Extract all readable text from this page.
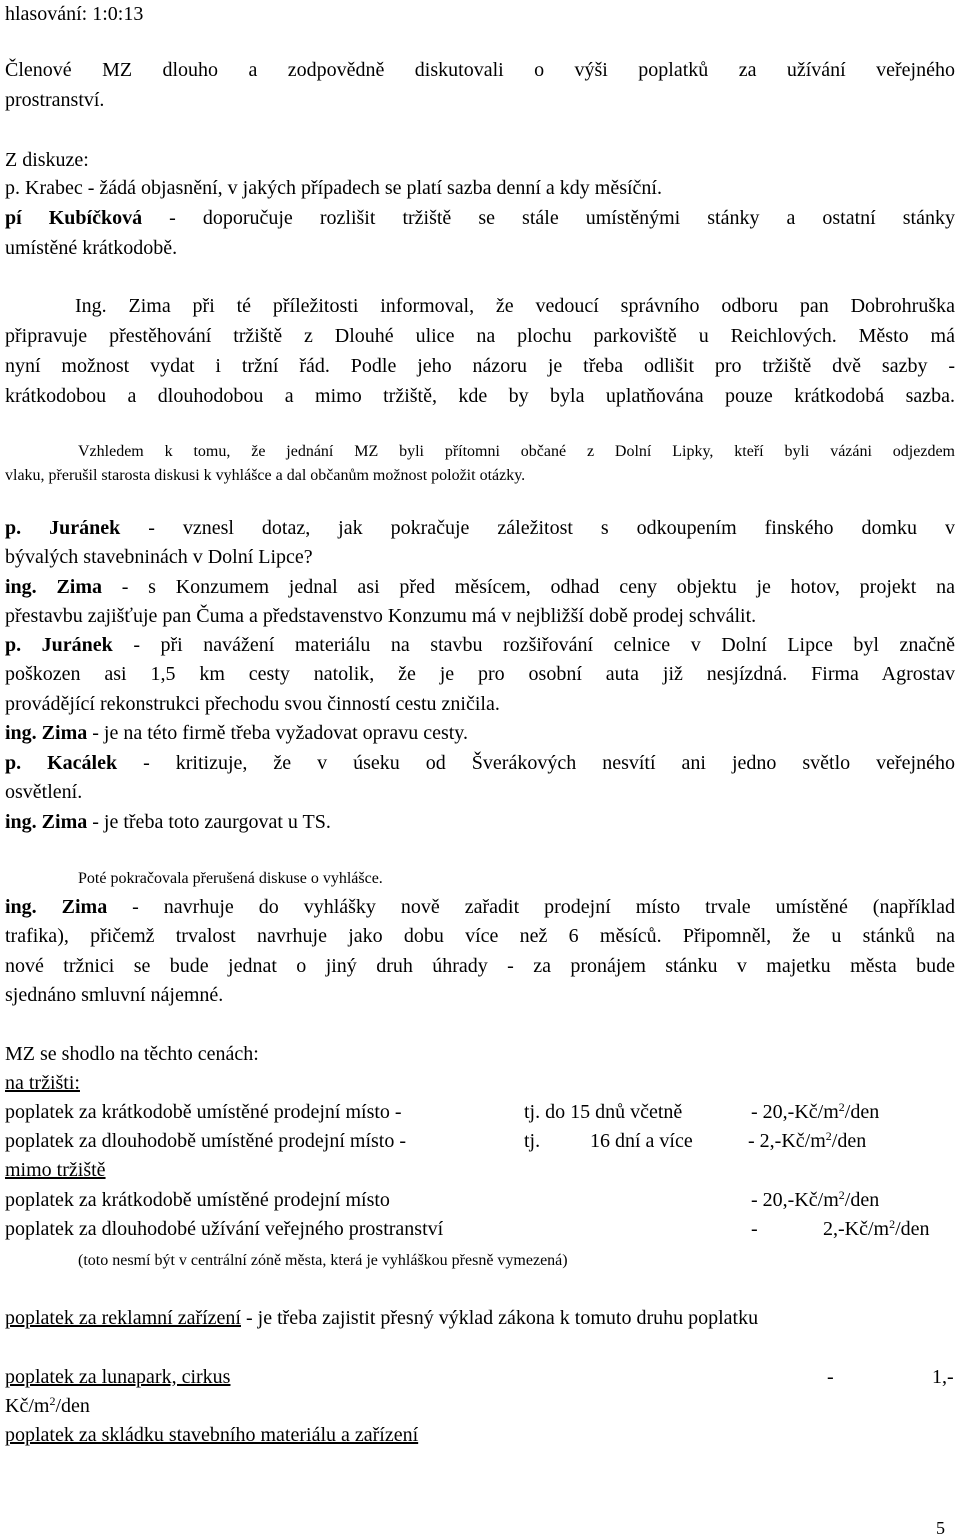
hlasování: 1:0:13
Členové MZ dlouho a zodpovědně diskutovali o výši poplatků za užívání veřejného
prostranství.
Z diskuze:
p. Krabec - žádá objasnění, v jakých případech se platí sazba denní a kdy měsíční.
pí Kubíčková - doporučuje rozlišit tržiště se stále umístěnými stánky a ostatní stánky
umístěné krátkodobě.
Ing. Zima při té příležitosti informoval, že vedoucí správního odboru pan Dobrohruška
připravuje přestěhování tržiště z Dlouhé ulice na plochu parkoviště u Reichlových. Město má
nyní možnost vydat i tržní řád. Podle jeho názoru je třeba odlišit pro tržiště dvě sazby -
krátkodobou a dlouhodobou a mimo tržiště, kde by byla uplatňována pouze krátkodobá sazba.
Vzhledem k tomu, že jednání MZ byli přítomni občané z Dolní Lipky, kteří byli vázáni odjezdem
vlaku, přerušil starosta diskusi k vyhlášce a dal občanům možnost položit otázky.
p. Juránek - vznesl dotaz, jak pokračuje záležitost s odkoupením finského domku v
bývalých stavebninách v Dolní Lipce?
ing. Zima - s Konzumem jednal asi před měsícem, odhad ceny objektu je hotov, projekt na
přestavbu zajišťuje pan Čuma a představenstvo Konzumu má v nejbližší době prodej schválit.
p. Juránek - při navážení materiálu na stavbu rozšiřování celnice v Dolní Lipce byl značně
poškozen asi 1,5 km cesty natolik, že je pro osobní auta již nesjízdná. Firma Agrostav
provádějící rekonstrukci přechodu svou činností cestu zničila.
ing. Zima - je na této firmě třeba vyžadovat opravu cesty.
p. Kacálek - kritizuje, že v úseku od Šverákových nesvítí ani jedno světlo veřejného
osvětlení.
ing. Zima - je třeba toto zaurgovat u TS.
Poté pokračovala přerušená diskuse o vyhlášce.
ing. Zima - navrhuje do vyhlášky nově zařadit prodejní místo trvale umístěné (například
trafika), přičemž trvalost navrhuje jako dobu více než 6 měsíců. Připomněl, že u stánků na
nové tržnici se bude jednat o jiný druh úhrady - za pronájem stánku v majetku města bude
sjednáno smluvní nájemné.
MZ se shodlo na těchto cenách:
na tržišti:
poplatek za krátkodobě umístěné prodejní místo -	tj. do 15 dnů včetně	- $20,-Kč/m^2$/den
poplatek za dlouhodobě umístěné prodejní místo -	tj. 16 dní a více	- $2,-Kč/m^2$/den
mimo tržiště
poplatek za krátkodobě umístěné prodejní místo	- $20,-Kč/m^2$/den
poplatek za dlouhodobé užívání veřejného prostranství	-	$2,-Kč/m^2$/den
(toto nesmí být v centrální zóně města, která je vyhláškou přesně vymezená)
poplatek za reklamní zařízení - je třeba zajistit přesný výklad zákona k tomuto druhu poplatku
poplatek za lunapark, cirkus	-	1,-
$Kč/m^2$/den
poplatek za skládku stavebního materiálu a zařízení
5
